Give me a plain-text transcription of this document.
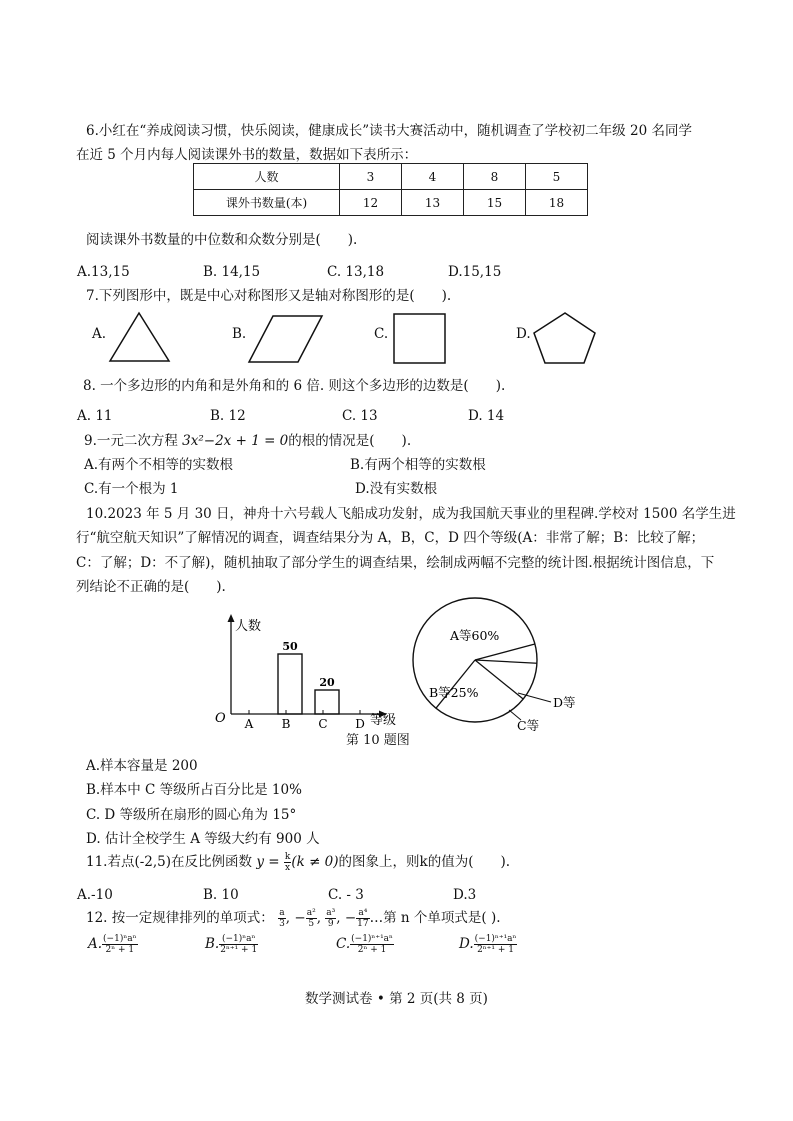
6.小红在“养成阅读习惯，快乐阅读，健康成长”读书大赛活动中，随机调查了学校初二年级 20 名同学
在近 5 个月内每人阅读课外书的数量，数据如下表所示：
人数	3	4	8	5
课外书数量(本)	12	13	15	18
阅读课外书数量的中位数和众数分别是(　　).
A.13,15	B. 14,15	C. 13,18	D.15,15
7.下列图形中，既是中心对称图形又是轴对称图形的是(　　).
A.	B.	C.	D.
8. 一个多边形的内角和是外角和的 6 倍. 则这个多边形的边数是(　　).
A. 11	B. 12	C. 13	D. 14
9.一元二次方程 3x²−2x + 1 = 0的根的情况是(　　).
A.有两个不相等的实数根	B.有两个相等的实数根
C.有一个根为 1	D.没有实数根
10.2023 年 5 月 30 日，神舟十六号载人飞船成功发射，成为我国航天事业的里程碑.学校对 1500 名学生进
行“航空航天知识”了解情况的调查，调查结果分为 A，B，C，D 四个等级(A：非常了解；B：比较了解；
C：了解；D：不了解)，随机抽取了部分学生的调查结果，绘制成两幅不完整的统计图.根据统计图信息，下
列结论不正确的是(　　).
人数
等级
O A B
50
C
20
D
A等60%
B等25%
C等
D等
第 10 题图
A.样本容量是 200
B.样本中 C 等级所占百分比是 10%
C. D 等级所在扇形的圆心角为 15°
D. 估计全校学生 A 等级大约有 900 人
11.若点(-2,5)在反比例函数 $y = \frac{k}{x} (k \ne 0)$的图象上，则k的值为(　　).
A.-10	B. 10	C. - 3	D.3
12. 按一定规律排列的单项式： $\frac{a}{3}$ , − $\frac{\text{a²}}{5}$ , $\frac{\text{a³}}{9}$ , − $\frac{\text{a⁴}}{17}$ …第 n 个单项式是( ).
A. $\frac{\text{(−1)ⁿaⁿ}}{\text{2ⁿ + 1}}$	B. $\frac{\text{(−1)ⁿaⁿ}}{\text{2ⁿ⁺¹ + 1}}$	C. $\frac{\text{(−1)ⁿ⁺¹aⁿ}}{\text{2ⁿ + 1}}$	D. $\frac{\text{(−1)ⁿ⁺¹aⁿ}}{\text{2ⁿ⁺¹ + 1}}$
数学测试卷 • 第 2 页(共 8 页)
